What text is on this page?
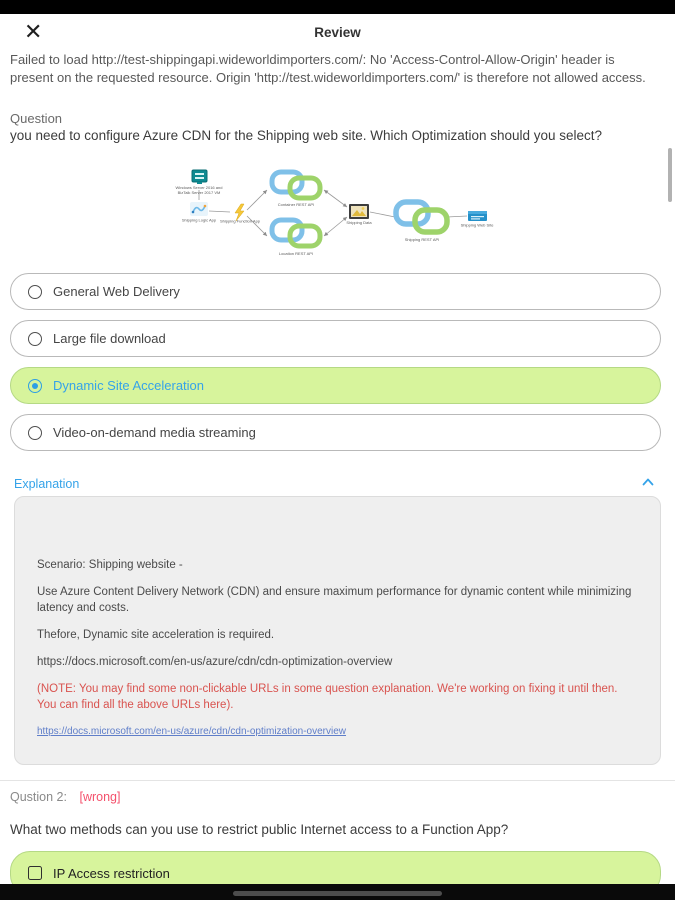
✕	Review
Failed to load http://test-shippingapi.wideworldimporters.com/: No 'Access-Control-Allow-Origin' header is present on the requested resource. Origin 'http://test.wideworldimporters.com/' is therefore not allowed access.
Question
you need to configure Azure CDN for the Shipping web site. Which Optimization should you select?
Windows Server 2016 and
BizTalk Server 2017 VM
Shipping Logic App Shipping Function App
Container REST API
Location REST API
Shipping Data
Shipping REST API
Shipping Web Site
General Web Delivery
Large file download
Dynamic Site Acceleration
Video-on-demand media streaming
Explanation

Scenario: Shipping website -

Use Azure Content Delivery Network (CDN) and ensure maximum performance for dynamic content while minimizing latency and costs.

Thefore, Dynamic site acceleration is required.

https://docs.microsoft.com/en-us/azure/cdn/cdn-optimization-overview

(NOTE: You may find some non-clickable URLs in some question explanation. We're working on fixing it until then. You can find all the above URLs here).

https://docs.microsoft.com/en-us/azure/cdn/cdn-optimization-overview

Qustion 2: [wrong]
What two methods can you use to restrict public Internet access to a Function App?
IP Access restriction
